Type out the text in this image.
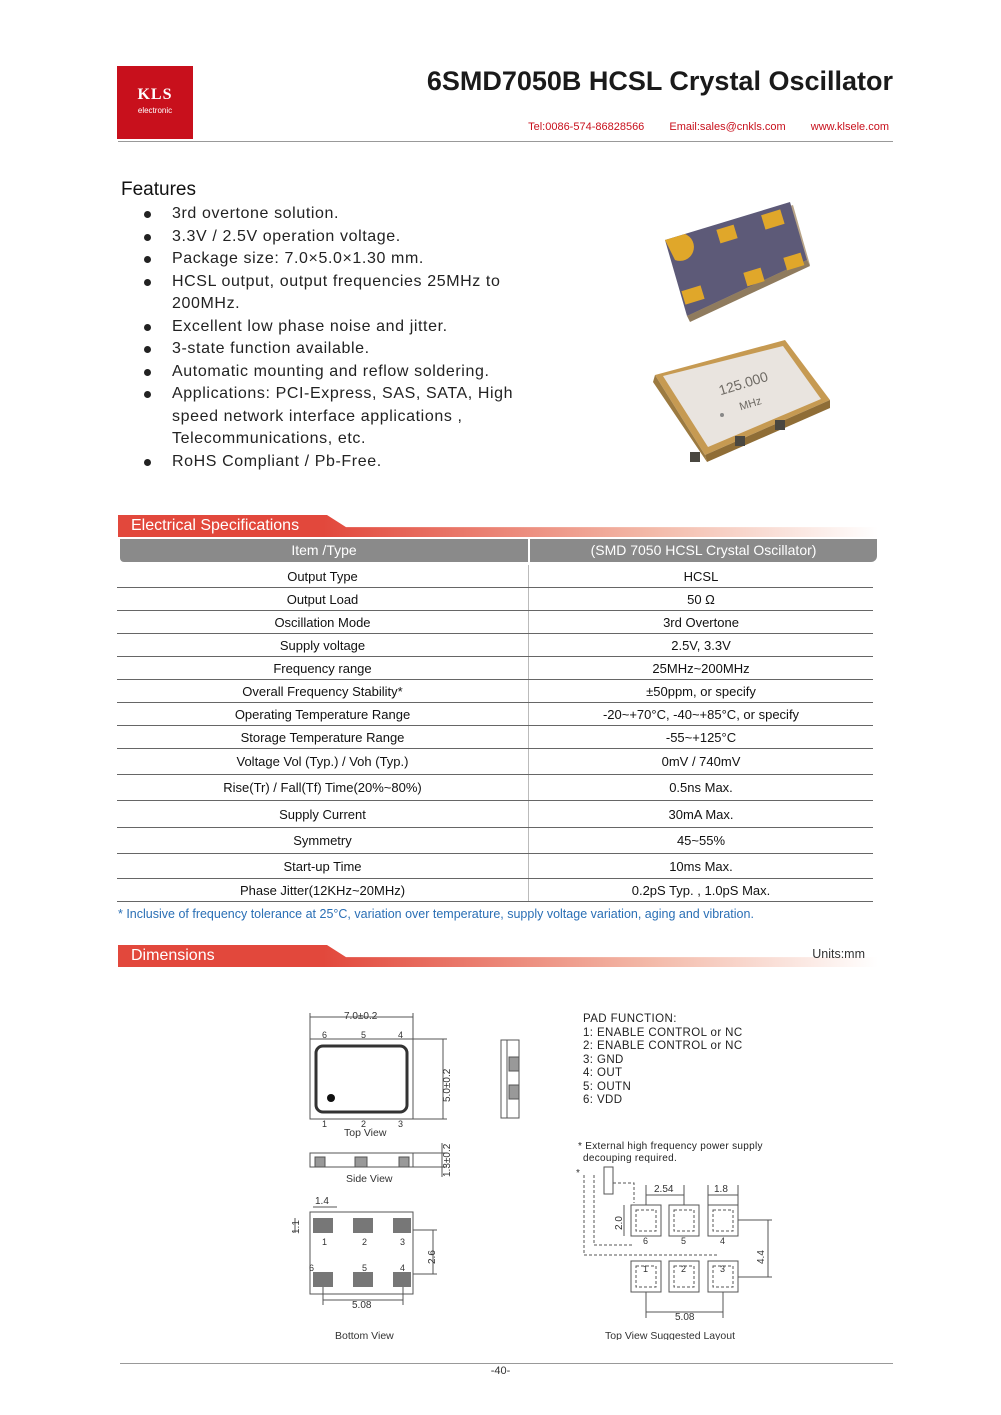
KLS
electronic
6SMD7050B HCSL Crystal Oscillator
Tel:0086-574-86828566 Email:sales@cnkls.com www.klsele.com
Features
3rd overtone solution.
3.3V / 2.5V operation voltage.
Package size: 7.0×5.0×1.30 mm.
HCSL output, output frequencies 25MHz to 200MHz.
Excellent low phase noise and jitter.
3-state function available.
Automatic mounting and reflow soldering.
Applications: PCI-Express, SAS, SATA, High speed network interface applications , Telecommunications, etc.
RoHS Compliant / Pb-Free.
125.000
MHz
Electrical Specifications
Item /Type	(SMD 7050 HCSL Crystal Oscillator)
Output Type	HCSL
Output Load	50 Ω
Oscillation Mode	3rd Overtone
Supply voltage	2.5V, 3.3V
Frequency range	25MHz~200MHz
Overall Frequency Stability*	±50ppm, or specify
Operating Temperature Range	-20~+70°C, -40~+85°C, or specify
Storage Temperature Range	-55~+125°C
Voltage Vol (Typ.) / Voh (Typ.)	0mV / 740mV
Rise(Tr) / Fall(Tf) Time(20%~80%)	0.5ns Max.
Supply Current	30mA Max.
Symmetry	45~55%
Start-up Time	10ms Max.
Phase Jitter(12KHz~20MHz)	0.2pS Typ. , 1.0pS Max.
* Inclusive of frequency tolerance at 25°C, variation over temperature, supply voltage variation, aging and vibration.
Dimensions	Units:mm
7.0±0.2
5.0±0.2
6	5	4
1	2	3
Top View
1.3±0.2
Side View
1.4
1.1
2.6
5.08
1	2	3
6	5	4
Bottom View
PAD FUNCTION:
1: ENABLE CONTROL or NC
2: ENABLE CONTROL or NC
3: GND
4: OUT
5: OUTN
6: VDD
* External high frequency power supply
decouping required.
*
2.54	1.8
2.0
4.4
5.08
6	5	4
1	2	3
Top View Suggested Layout
-40-
